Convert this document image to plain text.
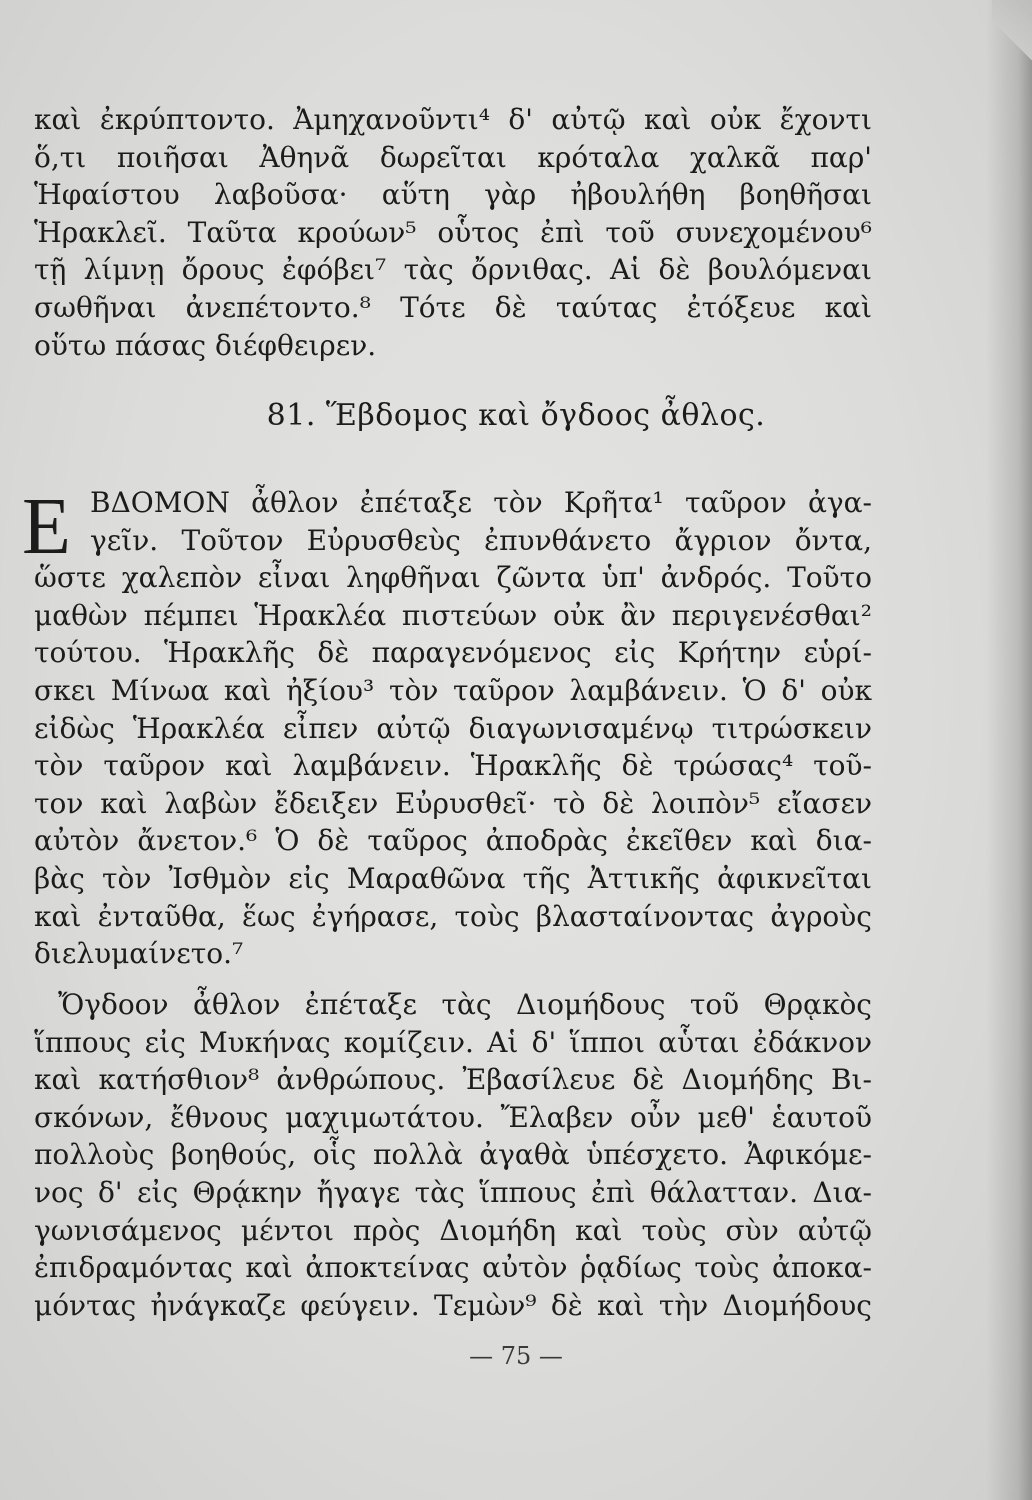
καὶ ἐκρύπτοντο. Ἀμηχανοῦντι⁴ δ' αὐτῷ καὶ οὐκ ἔχοντι
ὅ,τι ποιῆσαι Ἀθηνᾶ δωρεῖται κρόταλα χαλκᾶ παρ'
Ἡφαίστου λαβοῦσα· αὕτη γὰρ ἠβουλήθη βοηθῆσαι
Ἡρακλεῖ. Ταῦτα κρούων⁵ οὗτος ἐπὶ τοῦ συνεχομένου⁶
τῇ λίμνῃ ὄρους ἐφόβει⁷ τὰς ὄρνιθας. Αἱ δὲ βουλόμεναι
σωθῆναι ἀνεπέτοντο.⁸ Τότε δὲ ταύτας ἐτόξευε καὶ
οὕτω πάσας διέφθειρεν.
81. Ἕβδομος καὶ ὄγδοος ἆθλος.
Ε ΒΔΟΜΟΝ ἆθλον ἐπέταξε τὸν Κρῆτα¹ ταῦρον ἀγα-
γεῖν. Τοῦτον Εὐρυσθεὺς ἐπυνθάνετο ἄγριον ὄντα,
ὥστε χαλεπὸν εἶναι ληφθῆναι ζῶντα ὑπ' ἀνδρός. Τοῦτο
μαθὼν πέμπει Ἡρακλέα πιστεύων οὐκ ἂν περιγενέσθαι²
τούτου. Ἡρακλῆς δὲ παραγενόμενος εἰς Κρήτην εὑρί-
σκει Μίνωα καὶ ἠξίου³ τὸν ταῦρον λαμβάνειν. Ὁ δ' οὐκ
εἰδὼς Ἡρακλέα εἶπεν αὐτῷ διαγωνισαμένῳ τιτρώσκειν
τὸν ταῦρον καὶ λαμβάνειν. Ἡρακλῆς δὲ τρώσας⁴ τοῦ-
τον καὶ λαβὼν ἔδειξεν Εὐρυσθεῖ· τὸ δὲ λοιπὸν⁵ εἴασεν
αὐτὸν ἄνετον.⁶ Ὁ δὲ ταῦρος ἀποδρὰς ἐκεῖθεν καὶ δια-
βὰς τὸν Ἰσθμὸν εἰς Μαραθῶνα τῆς Ἀττικῆς ἀφικνεῖται
καὶ ἐνταῦθα, ἕως ἐγήρασε, τοὺς βλασταίνοντας ἀγροὺς
διελυμαίνετο.⁷
Ὄγδοον ἆθλον ἐπέταξε τὰς Διομήδους τοῦ Θρᾳκὸς
ἵππους εἰς Μυκήνας κομίζειν. Αἱ δ' ἵπποι αὗται ἐδάκνον
καὶ κατήσθιον⁸ ἀνθρώπους. Ἐβασίλευε δὲ Διομήδης Βι-
σκόνων, ἔθνους μαχιμωτάτου. Ἔλαβεν οὖν μεθ' ἑαυτοῦ
πολλοὺς βοηθούς, οἷς πολλὰ ἀγαθὰ ὑπέσχετο. Ἀφικόμε-
νος δ' εἰς Θρᾴκην ἤγαγε τὰς ἵππους ἐπὶ θάλατταν. Δια-
γωνισάμενος μέντοι πρὸς Διομήδη καὶ τοὺς σὺν αὐτῷ
ἐπιδραμόντας καὶ ἀποκτείνας αὐτὸν ῥᾳδίως τοὺς ἀποκα-
μόντας ἠνάγκαζε φεύγειν. Τεμὼν⁹ δὲ καὶ τὴν Διομήδους
— 75 —
